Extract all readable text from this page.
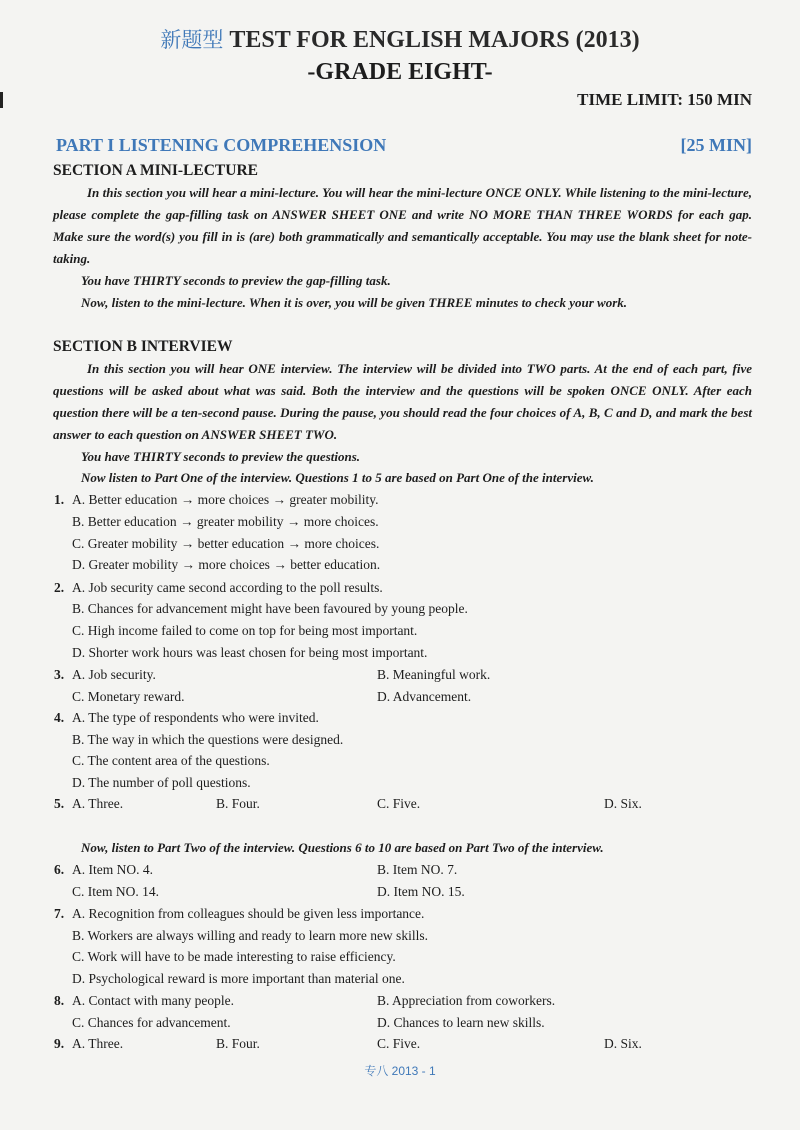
新题型 TEST FOR ENGLISH MAJORS (2013)
-GRADE EIGHT-
TIME LIMIT: 150 MIN
PART I LISTENING COMPREHENSION	[25 MIN]
SECTION A MINI-LECTURE

In this section you will hear a mini-lecture. You will hear the mini-lecture ONCE ONLY. While listening to the mini-lecture, please complete the gap-filling task on ANSWER SHEET ONE and write NO MORE THAN THREE WORDS for each gap. Make sure the word(s) you fill in is (are) both grammatically and semantically acceptable. You may use the blank sheet for note-taking.

You have THIRTY seconds to preview the gap-filling task.
Now, listen to the mini-lecture. When it is over, you will be given THREE minutes to check your work.
SECTION B INTERVIEW

In this section you will hear ONE interview. The interview will be divided into TWO parts. At the end of each part, five questions will be asked about what was said. Both the interview and the questions will be spoken ONCE ONLY. After each question there will be a ten-second pause. During the pause, you should read the four choices of A, B, C and D, and mark the best answer to each question on ANSWER SHEET TWO.

You have THIRTY seconds to preview the questions.
Now listen to Part One of the interview. Questions 1 to 5 are based on Part One of the interview.
1. A. Better education → more choices → greater mobility.
B. Better education → greater mobility → more choices.
C. Greater mobility → better education → more choices.
D. Greater mobility → more choices → better education.
2. A. Job security came second according to the poll results.
B. Chances for advancement might have been favoured by young people.
C. High income failed to come on top for being most important.
D. Shorter work hours was least chosen for being most important.
3. A. Job security.	B. Meaningful work.
C. Monetary reward.	D. Advancement.
4. A. The type of respondents who were invited.
B. The way in which the questions were designed.
C. The content area of the questions.
D. The number of poll questions.
5. A. Three.	B. Four.	C. Five.	D. Six.
Now, listen to Part Two of the interview. Questions 6 to 10 are based on Part Two of the interview.
6. A. Item NO. 4.	B. Item NO. 7.
C. Item NO. 14.	D. Item NO. 15.
7. A. Recognition from colleagues should be given less importance.
B. Workers are always willing and ready to learn more new skills.
C. Work will have to be made interesting to raise efficiency.
D. Psychological reward is more important than material one.
8. A. Contact with many people.	B. Appreciation from coworkers.
C. Chances for advancement.	D. Chances to learn new skills.
9. A. Three.	B. Four.	C. Five.	D. Six.
专八 2013 - 1
